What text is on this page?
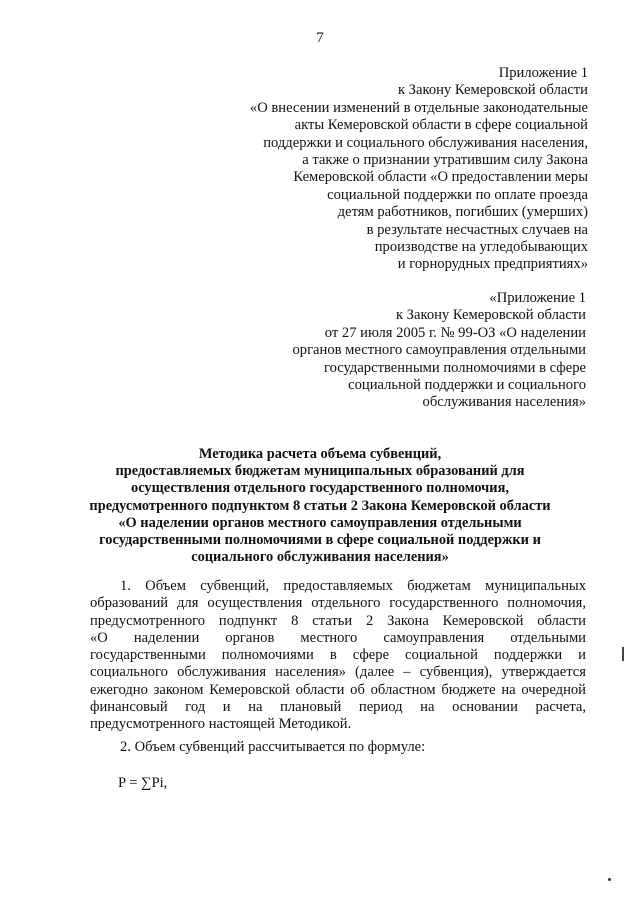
7
Приложение 1
к Закону Кемеровской области
«О внесении изменений в отдельные законодательные
акты Кемеровской области в сфере социальной
поддержки и социального обслуживания населения,
а также о признании утратившим силу Закона
Кемеровской области «О предоставлении меры
социальной поддержки по оплате проезда
детям работников, погибших (умерших)
в результате несчастных случаев на
производстве на угледобывающих
и горнорудных предприятиях»
«Приложение 1
к Закону Кемеровской области
от 27 июля 2005 г. № 99-ОЗ «О наделении
органов местного самоуправления отдельными
государственными полномочиями в сфере
социальной поддержки и социального
обслуживания населения»
Методика расчета объема субвенций,
предоставляемых бюджетам муниципальных образований для
осуществления отдельного государственного полномочия,
предусмотренного подпунктом 8 статьи 2 Закона Кемеровской области
«О наделении органов местного самоуправления отдельными
государственными полномочиями в сфере социальной поддержки и
социального обслуживания населения»
1. Объем субвенций, предоставляемых бюджетам муниципальных
образований для осуществления отдельного государственного полномочия,
предусмотренного подпункт 8 статьи 2 Закона Кемеровской области
«О наделении органов местного самоуправления отдельными
государственными полномочиями в сфере социальной поддержки и
социального обслуживания населения» (далее – субвенция), утверждается
ежегодно законом Кемеровской области об областном бюджете на очередной
финансовый год и на плановый период на основании расчета,
предусмотренного настоящей Методикой.
2. Объем субвенций рассчитывается по формуле:
P = ∑Pi,
